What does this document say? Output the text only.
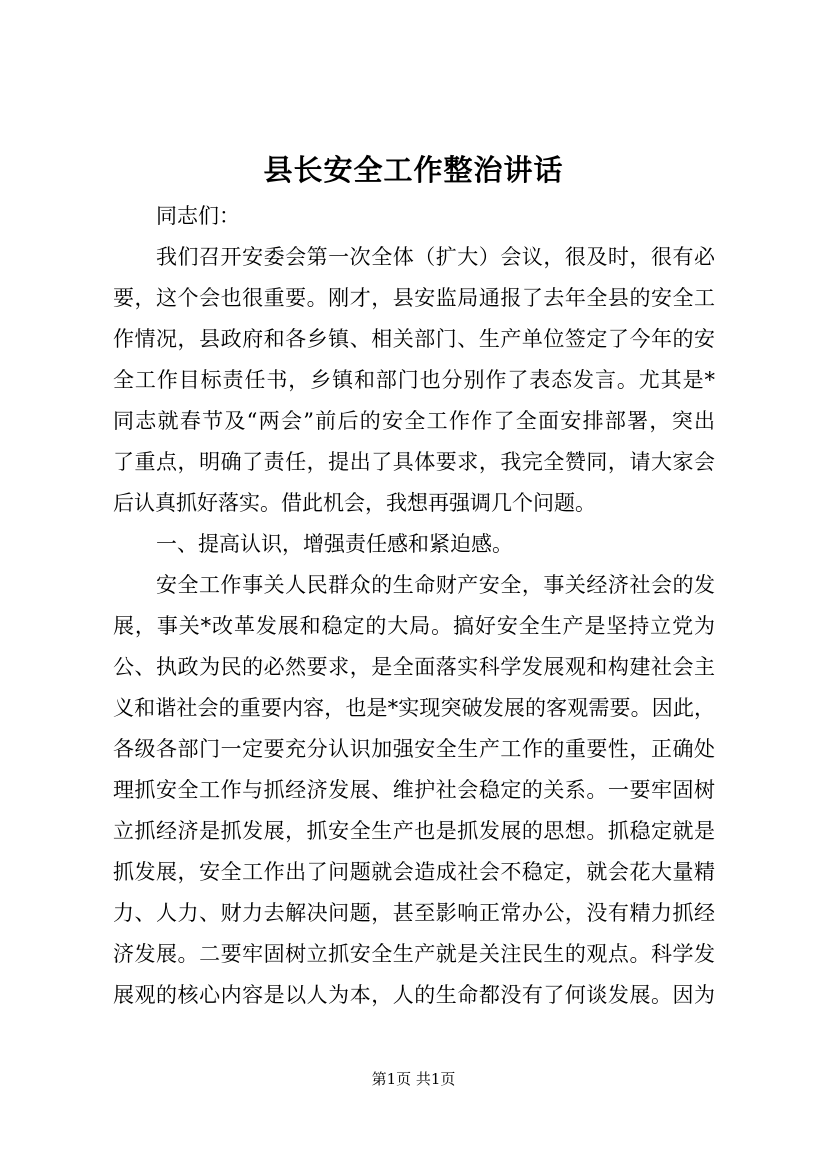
县长安全工作整治讲话
同志们：
我们召开安委会第一次全体（扩大）会议，很及时，很有必
要，这个会也很重要。刚才，县安监局通报了去年全县的安全工
作情况，县政府和各乡镇、相关部门、生产单位签定了今年的安
全工作目标责任书，乡镇和部门也分别作了表态发言。尤其是*
同志就春节及“两会”前后的安全工作作了全面安排部署，突出
了重点，明确了责任，提出了具体要求，我完全赞同，请大家会
后认真抓好落实。借此机会，我想再强调几个问题。
一、提高认识，增强责任感和紧迫感。
安全工作事关人民群众的生命财产安全，事关经济社会的发
展，事关*改革发展和稳定的大局。搞好安全生产是坚持立党为
公、执政为民的必然要求，是全面落实科学发展观和构建社会主
义和谐社会的重要内容，也是*实现突破发展的客观需要。因此，
各级各部门一定要充分认识加强安全生产工作的重要性，正确处
理抓安全工作与抓经济发展、维护社会稳定的关系。一要牢固树
立抓经济是抓发展，抓安全生产也是抓发展的思想。抓稳定就是
抓发展，安全工作出了问题就会造成社会不稳定，就会花大量精
力、人力、财力去解决问题，甚至影响正常办公，没有精力抓经
济发展。二要牢固树立抓安全生产就是关注民生的观点。科学发
展观的核心内容是以人为本，人的生命都没有了何谈发展。因为
第1页 共1页
